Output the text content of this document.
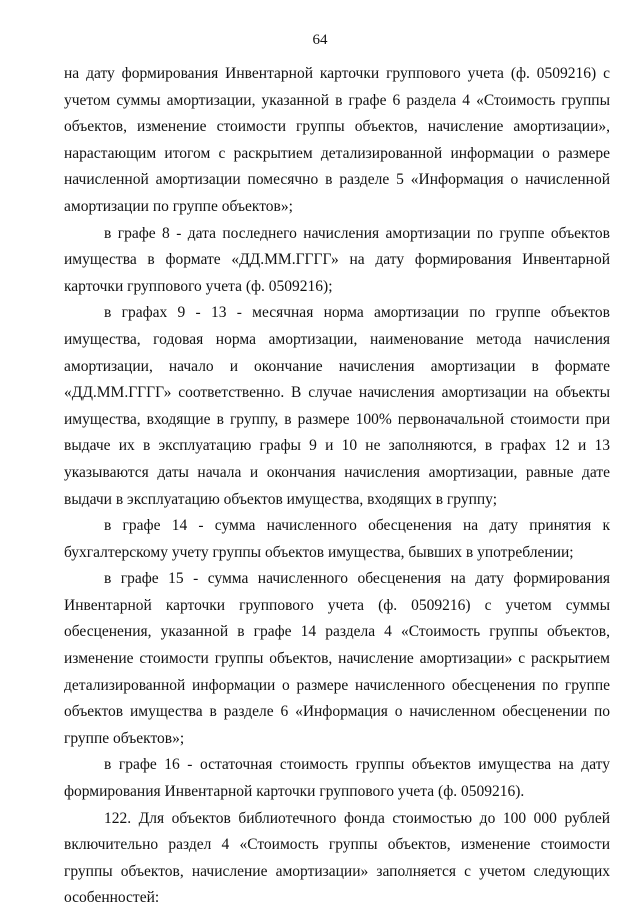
64

на дату формирования Инвентарной карточки группового учета (ф. 0509216) с учетом суммы амортизации, указанной в графе 6 раздела 4 «Стоимость группы объектов, изменение стоимости группы объектов, начисление амортизации», нарастающим итогом с раскрытием детализированной информации о размере начисленной амортизации помесячно в разделе 5 «Информация о начисленной амортизации по группе объектов»;

в графе 8 - дата последнего начисления амортизации по группе объектов имущества в формате «ДД.ММ.ГГГГ» на дату формирования Инвентарной карточки группового учета (ф. 0509216);

в графах 9 - 13 - месячная норма амортизации по группе объектов имущества, годовая норма амортизации, наименование метода начисления амортизации, начало и окончание начисления амортизации в формате «ДД.ММ.ГГГГ» соответственно. В случае начисления амортизации на объекты имущества, входящие в группу, в размере 100% первоначальной стоимости при выдаче их в эксплуатацию графы 9 и 10 не заполняются, в графах 12 и 13 указываются даты начала и окончания начисления амортизации, равные дате выдачи в эксплуатацию объектов имущества, входящих в группу;

в графе 14 - сумма начисленного обесценения на дату принятия к бухгалтерскому учету группы объектов имущества, бывших в употреблении;

в графе 15 - сумма начисленного обесценения на дату формирования Инвентарной карточки группового учета (ф. 0509216) с учетом суммы обесценения, указанной в графе 14 раздела 4 «Стоимость группы объектов, изменение стоимости группы объектов, начисление амортизации» с раскрытием детализированной информации о размере начисленного обесценения по группе объектов имущества в разделе 6 «Информация о начисленном обесценении по группе объектов»;

в графе 16 - остаточная стоимость группы объектов имущества на дату формирования Инвентарной карточки группового учета (ф. 0509216).

122. Для объектов библиотечного фонда стоимостью до 100 000 рублей включительно раздел 4 «Стоимость группы объектов, изменение стоимости группы объектов, начисление амортизации» заполняется с учетом следующих особенностей:
